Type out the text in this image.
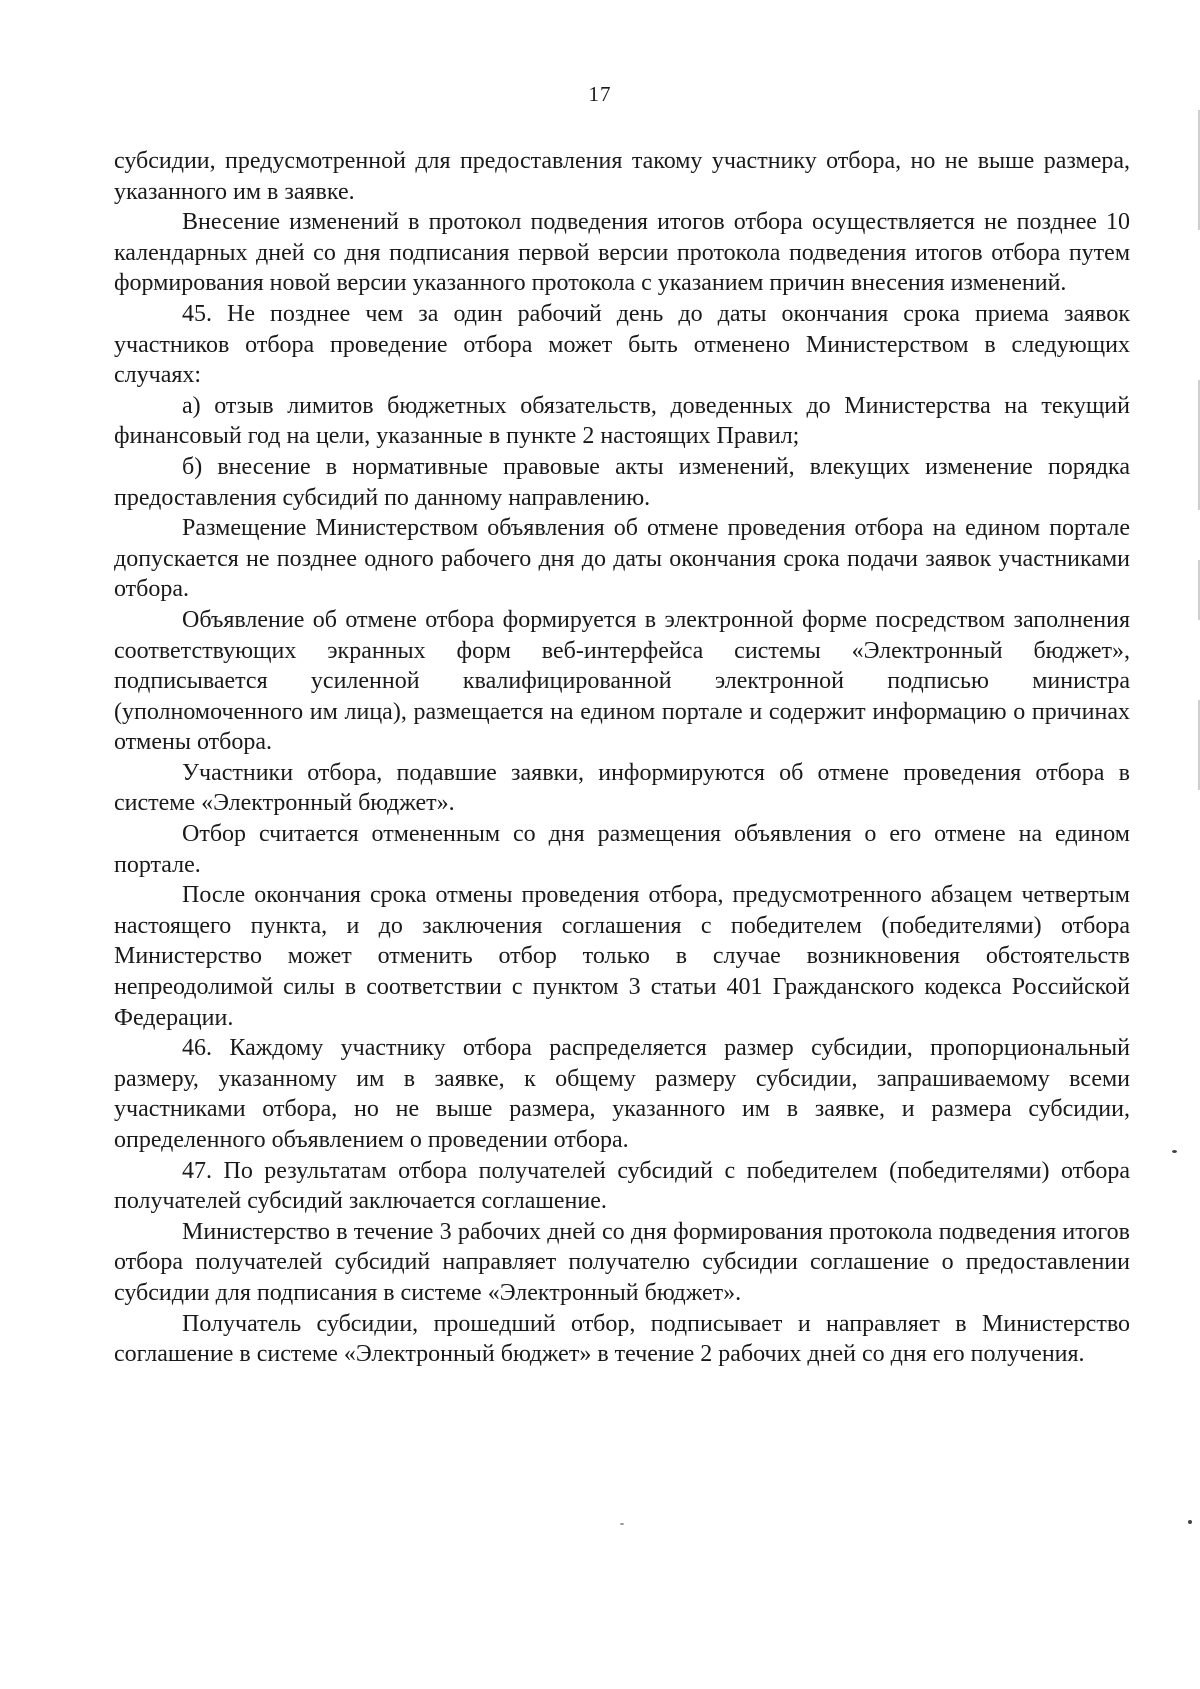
17

субсидии, предусмотренной для предоставления такому участнику отбора, но не выше размера, указанного им в заявке.

Внесение изменений в протокол подведения итогов отбора осуществляется не позднее 10 календарных дней со дня подписания первой версии протокола подведения итогов отбора путем формирования новой версии указанного протокола с указанием причин внесения изменений.

45. Не позднее чем за один рабочий день до даты окончания срока приема заявок участников отбора проведение отбора может быть отменено Министерством в следующих случаях:

а) отзыв лимитов бюджетных обязательств, доведенных до Министерства на текущий финансовый год на цели, указанные в пункте 2 настоящих Правил;

б) внесение в нормативные правовые акты изменений, влекущих изменение порядка предоставления субсидий по данному направлению.

Размещение Министерством объявления об отмене проведения отбора на едином портале допускается не позднее одного рабочего дня до даты окончания срока подачи заявок участниками отбора.

Объявление об отмене отбора формируется в электронной форме посредством заполнения соответствующих экранных форм веб-интерфейса системы «Электронный бюджет», подписывается усиленной квалифицированной электронной подписью министра (уполномоченного им лица), размещается на едином портале и содержит информацию о причинах отмены отбора.

Участники отбора, подавшие заявки, информируются об отмене проведения отбора в системе «Электронный бюджет».

Отбор считается отмененным со дня размещения объявления о его отмене на едином портале.

После окончания срока отмены проведения отбора, предусмотренного абзацем четвертым настоящего пункта, и до заключения соглашения с победителем (победителями) отбора Министерство может отменить отбор только в случае возникновения обстоятельств непреодолимой силы в соответствии с пунктом 3 статьи 401 Гражданского кодекса Российской Федерации.

46. Каждому участнику отбора распределяется размер субсидии, пропорциональный размеру, указанному им в заявке, к общему размеру субсидии, запрашиваемому всеми участниками отбора, но не выше размера, указанного им в заявке, и размера субсидии, определенного объявлением о проведении отбора.

47. По результатам отбора получателей субсидий с победителем (победителями) отбора получателей субсидий заключается соглашение.

Министерство в течение 3 рабочих дней со дня формирования протокола подведения итогов отбора получателей субсидий направляет получателю субсидии соглашение о предоставлении субсидии для подписания в системе «Электронный бюджет».

Получатель субсидии, прошедший отбор, подписывает и направляет в Министерство соглашение в системе «Электронный бюджет» в течение 2 рабочих дней со дня его получения.
